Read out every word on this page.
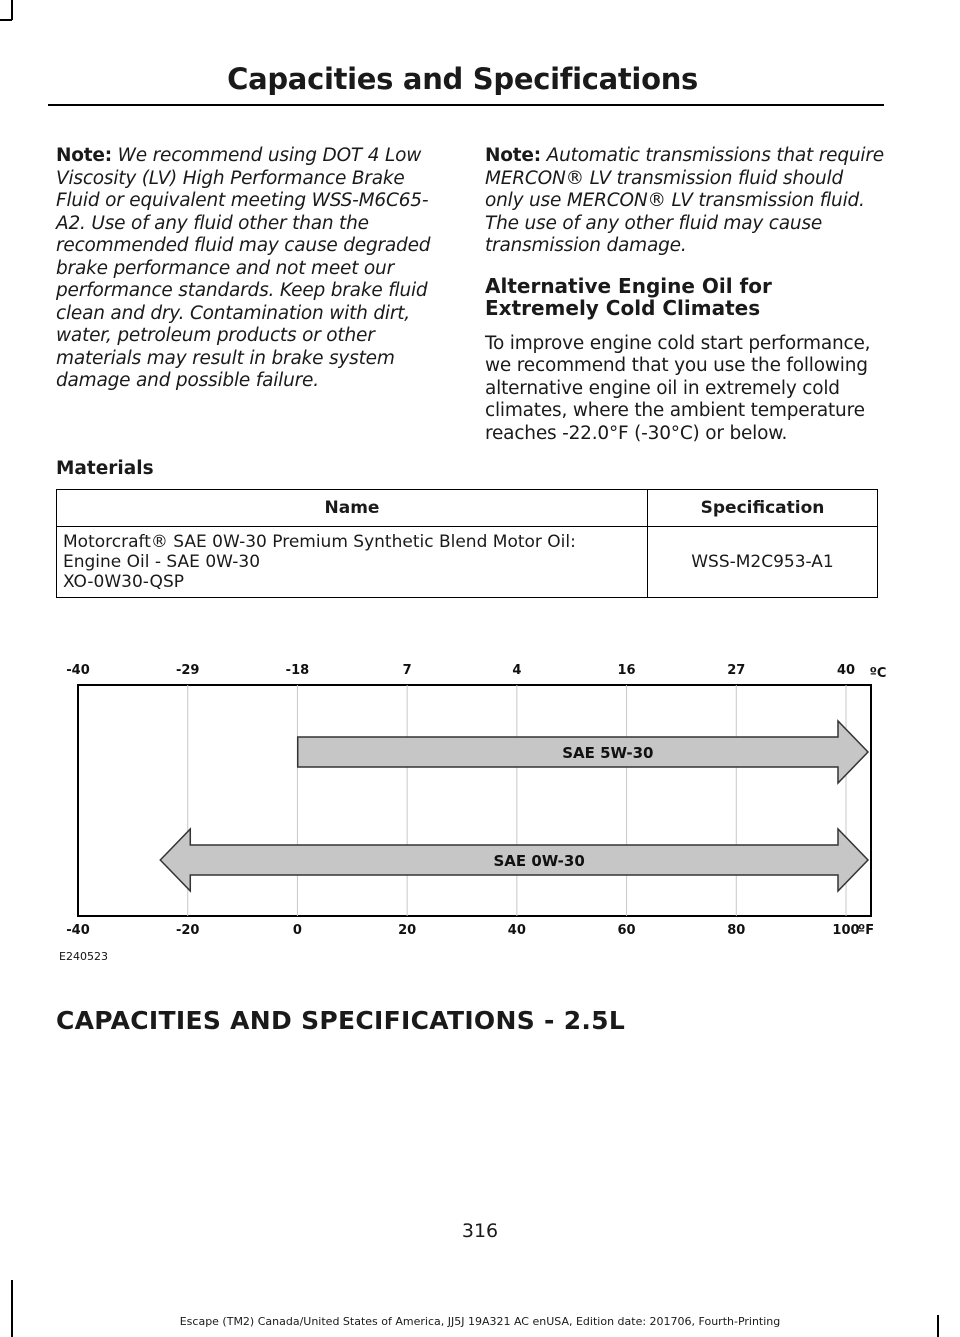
Capacities and Specifications

Note: We recommend using DOT 4 Low Viscosity (LV) High Performance Brake Fluid or equivalent meeting WSS-M6C65-A2. Use of any fluid other than the recommended fluid may cause degraded brake performance and not meet our performance standards. Keep brake fluid clean and dry. Contamination with dirt, water, petroleum products or other materials may result in brake system damage and possible failure.

Note: Automatic transmissions that require MERCON® LV transmission fluid should only use MERCON® LV transmission fluid. The use of any other fluid may cause transmission damage.

Alternative Engine Oil for Extremely Cold Climates

To improve engine cold start performance, we recommend that you use the following alternative engine oil in extremely cold climates, where the ambient temperature reaches -22.0°F (-30°C) or below.

Materials
Name	Specification

Motorcraft® SAE 0W-30 Premium Synthetic Blend Motor Oil:
Engine Oil - SAE 0W-30
XO-0W30-QSP	WSS-M2C953-A1
-40	-29	-18	7	4	16	27	40 ºC
-40	-20	0	20	40	60	80	100
ºF
SAE 5W-30
SAE 0W-30
E240523
CAPACITIES AND SPECIFICATIONS - 2.5L
316
Escape (TM2) Canada/United States of America, JJ5J 19A321 AC enUSA, Edition date: 201706, Fourth-Printing
